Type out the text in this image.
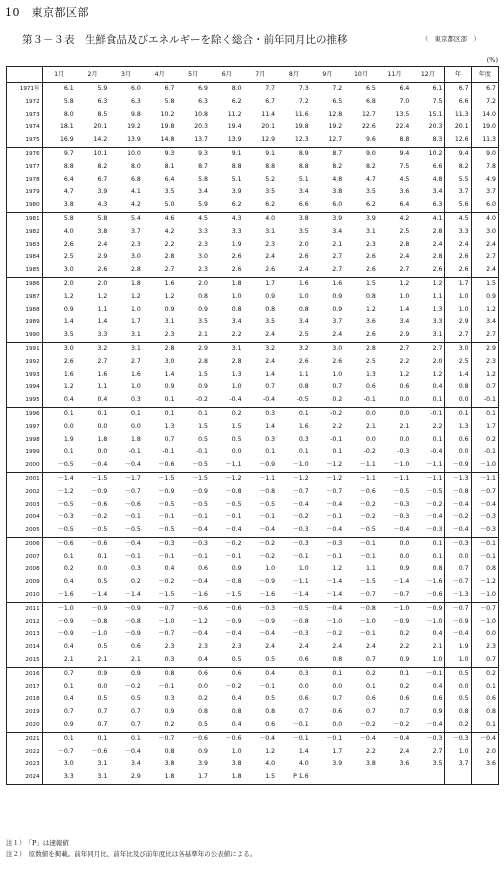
10　東京都区部
第３－３表　生鮮食品及びエネルギーを除く総合・前年同月比の推移	（　東京都区部　）
(%)
	1月	2月	3月	4月	5月	6月	7月	8月	9月	10月	11月	12月	年	年度
1971年	6.1	5.9	6.0	6.7	6.9	8.0	7.7	7.3	7.2	6.5	6.4	6.1	6.7	6.7
1972	5.8	6.3	6.3	5.8	6.3	6.2	6.7	7.2	6.5	6.8	7.0	7.5	6.6	7.2
1973	8.0	8.5	9.8	10.2	10.8	11.2	11.4	11.6	12.8	12.7	13.5	15.1	11.3	14.0
1974	18.1	20.1	19.2	19.8	20.3	19.4	20.1	19.8	19.2	22.6	22.4	20.3	20.1	19.0
1975	16.9	14.2	13.9	14.8	13.7	13.9	12.9	12.3	12.7	9.6	8.8	8.3	12.6	11.3
1976	9.7	10.1	10.0	9.3	9.3	9.1	9.1	8.9	8.7	9.0	9.4	10.2	9.4	9.0
1977	8.8	8.2	8.0	8.1	8.7	8.8	8.8	8.8	8.2	8.2	7.5	6.6	8.2	7.8
1978	6.4	6.7	6.8	6.4	5.8	5.1	5.2	5.1	4.8	4.7	4.5	4.8	5.5	4.9
1979	4.7	3.9	4.1	3.5	3.4	3.9	3.5	3.4	3.8	3.5	3.6	3.4	3.7	3.7
1980	3.8	4.3	4.2	5.0	5.9	6.2	6.2	6.6	6.0	6.2	6.4	6.3	5.6	6.0
1981	5.8	5.8	5.4	4.6	4.5	4.3	4.0	3.8	3.9	3.9	4.2	4.1	4.5	4.0
1982	4.0	3.8	3.7	4.2	3.3	3.3	3.1	3.5	3.4	3.1	2.5	2.8	3.3	3.0
1983	2.6	2.4	2.3	2.2	2.3	1.9	2.3	2.0	2.1	2.3	2.8	2.4	2.4	2.4
1984	2.5	2.9	3.0	2.8	3.0	2.6	2.4	2.6	2.7	2.6	2.4	2.8	2.6	2.7
1985	3.0	2.6	2.8	2.7	2.3	2.6	2.6	2.4	2.7	2.6	2.7	2.6	2.6	2.4
1986	2.0	2.0	1.8	1.6	2.0	1.8	1.7	1.6	1.6	1.5	1.2	1.2	1.7	1.5
1987	1.2	1.2	1.2	1.2	0.8	1.0	0.9	1.0	0.9	0.8	1.0	1.1	1.0	0.9
1988	0.9	1.1	1.0	0.9	0.9	0.8	0.8	0.8	0.9	1.2	1.4	1.3	1.0	1.2
1989	1.4	1.4	1.7	3.1	3.5	3.4	3.5	3.4	3.7	3.6	3.4	3.3	2.9	3.4
1990	3.5	3.3	3.1	2.3	2.1	2.2	2.4	2.5	2.4	2.6	2.9	3.1	2.7	2.7
1991	3.0	3.2	3.1	2.8	2.9	3.1	3.2	3.2	3.0	2.8	2.7	2.7	3.0	2.9
1992	2.6	2.7	2.7	3.0	2.8	2.8	2.4	2.6	2.6	2.5	2.2	2.0	2.5	2.3
1993	1.6	1.6	1.6	1.4	1.5	1.3	1.4	1.1	1.0	1.3	1.2	1.2	1.4	1.2
1994	1.2	1.1	1.0	0.9	0.9	1.0	0.7	0.8	0.7	0.6	0.6	0.4	0.8	0.7
1995	0.4	0.4	0.3	0.1	-0.2	-0.4	-0.4	-0.5	0.2	-0.1	0.0	0.1	0.0	-0.1
1996	0.1	0.1	0.1	0.1	0.1	0.2	0.3	0.1	-0.2	0.0	0.0	-0.1	0.1	0.1
1997	0.0	0.0	0.0	1.3	1.5	1.5	1.4	1.6	2.2	2.1	2.1	2.2	1.3	1.7
1998	1.9	1.8	1.8	0.7	0.5	0.5	0.3	0.3	-0.1	0.0	0.0	0.1	0.6	0.2
1999	0.1	0.0	-0.1	-0.1	-0.1	0.0	0.1	0.1	0.1	-0.2	-0.3	-0.4	0.0	-0.1
2000	－0.5	－0.4	－0.4	－0.6	－0.5	－1.1	－0.9	－1.0	－1.2	－1.1	－1.0	－1.1	－0.9	－1.0
2001	－1.4	－1.5	－1.7	－1.5	－1.5	－1.2	－1.1	－1.2	－1.2	－1.1	－1.1	－1.1	－1.3	－1.1
2002	－1.2	－0.9	－0.7	－0.9	－0.9	－0.8	－0.8	－0.7	－0.7	－0.6	－0.5	－0.5	－0.8	－0.7
2003	－0.5	－0.6	－0.6	－0.5	－0.5	－0.5	－0.5	－0.4	－0.4	－0.2	－0.3	－0.2	－0.4	－0.4
2004	－0.3	－0.2	－0.1	－0.1	－0.1	－0.1	－0.1	－0.2	－0.1	－0.2	－0.3	－0.4	－0.2	－0.3
2005	－0.5	－0.5	－0.5	－0.5	－0.4	－0.4	－0.4	－0.3	－0.4	－0.5	－0.4	－0.3	－0.4	－0.3
2006	－0.6	－0.6	－0.4	－0.3	－0.3	－0.2	－0.2	－0.3	－0.3	－0.1	0.0	0.1	－0.3	－0.1
2007	0.1	0.1	－0.1	－0.1	－0.1	－0.1	－0.2	－0.1	－0.1	－0.1	0.0	0.1	0.0	－0.1
2008	0.2	0.0	0.3	0.4	0.6	0.9	1.0	1.0	1.2	1.1	0.9	0.8	0.7	0.8
2009	0.4	0.5	0.2	－0.2	－0.4	－0.8	－0.9	－1.1	－1.4	－1.5	－1.4	－1.6	－0.7	－1.2
2010	－1.6	－1.4	－1.4	－1.5	－1.6	－1.5	－1.6	－1.4	－1.4	－0.7	－0.7	－0.6	－1.3	－1.0
2011	－1.0	－0.9	－0.9	－0.7	－0.6	－0.6	－0.3	－0.5	－0.4	－0.8	－1.0	－0.9	－0.7	－0.7
2012	－0.9	－0.8	－0.8	－1.0	－1.2	－0.9	－0.9	－0.8	－1.0	－1.0	－0.9	－1.0	－0.9	－1.0
2013	－0.9	－1.0	－0.9	－0.7	－0.4	－0.4	－0.4	－0.3	－0.2	－0.1	0.2	0.4	－0.4	0.0
2014	0.4	0.5	0.6	2.3	2.3	2.3	2.4	2.4	2.4	2.4	2.2	2.1	1.9	2.3
2015	2.1	2.1	2.1	0.3	0.4	0.5	0.5	0.6	0.8	0.7	0.9	1.0	1.0	0.7
2016	0.7	0.9	0.9	0.8	0.6	0.6	0.4	0.3	0.1	0.2	0.1	－0.1	0.5	0.2
2017	0.1	0.0	－0.2	－0.1	0.0	－0.2	－0.1	0.0	0.0	0.1	0.2	0.4	0.0	0.1
2018	0.4	0.5	0.5	0.3	0.2	0.4	0.5	0.6	0.7	0.6	0.6	0.6	0.5	0.6
2019	0.7	0.7	0.7	0.9	0.8	0.8	0.8	0.7	0.6	0.7	0.7	0.9	0.8	0.8
2020	0.9	0.7	0.7	0.2	0.5	0.4	0.6	－0.1	0.0	－0.2	－0.2	－0.4	0.2	0.1
2021	0.1	0.1	0.1	－0.7	－0.6	－0.6	－0.4	－0.1	－0.1	－0.4	－0.4	－0.3	－0.3	－0.4
2022	－0.7	－0.6	－0.4	0.8	0.9	1.0	1.2	1.4	1.7	2.2	2.4	2.7	1.0	2.0
2023	3.0	3.1	3.4	3.8	3.9	3.8	4.0	4.0	3.9	3.8	3.6	3.5	3.7	3.6
2024	3.3	3.1	2.9	1.8	1.7	1.8	1.5	P 1.6						
注１）　「P」は速報値
注２）　原数値を掲載。前年同月比、前年比及び前年度比は各基準年の公表値による。
